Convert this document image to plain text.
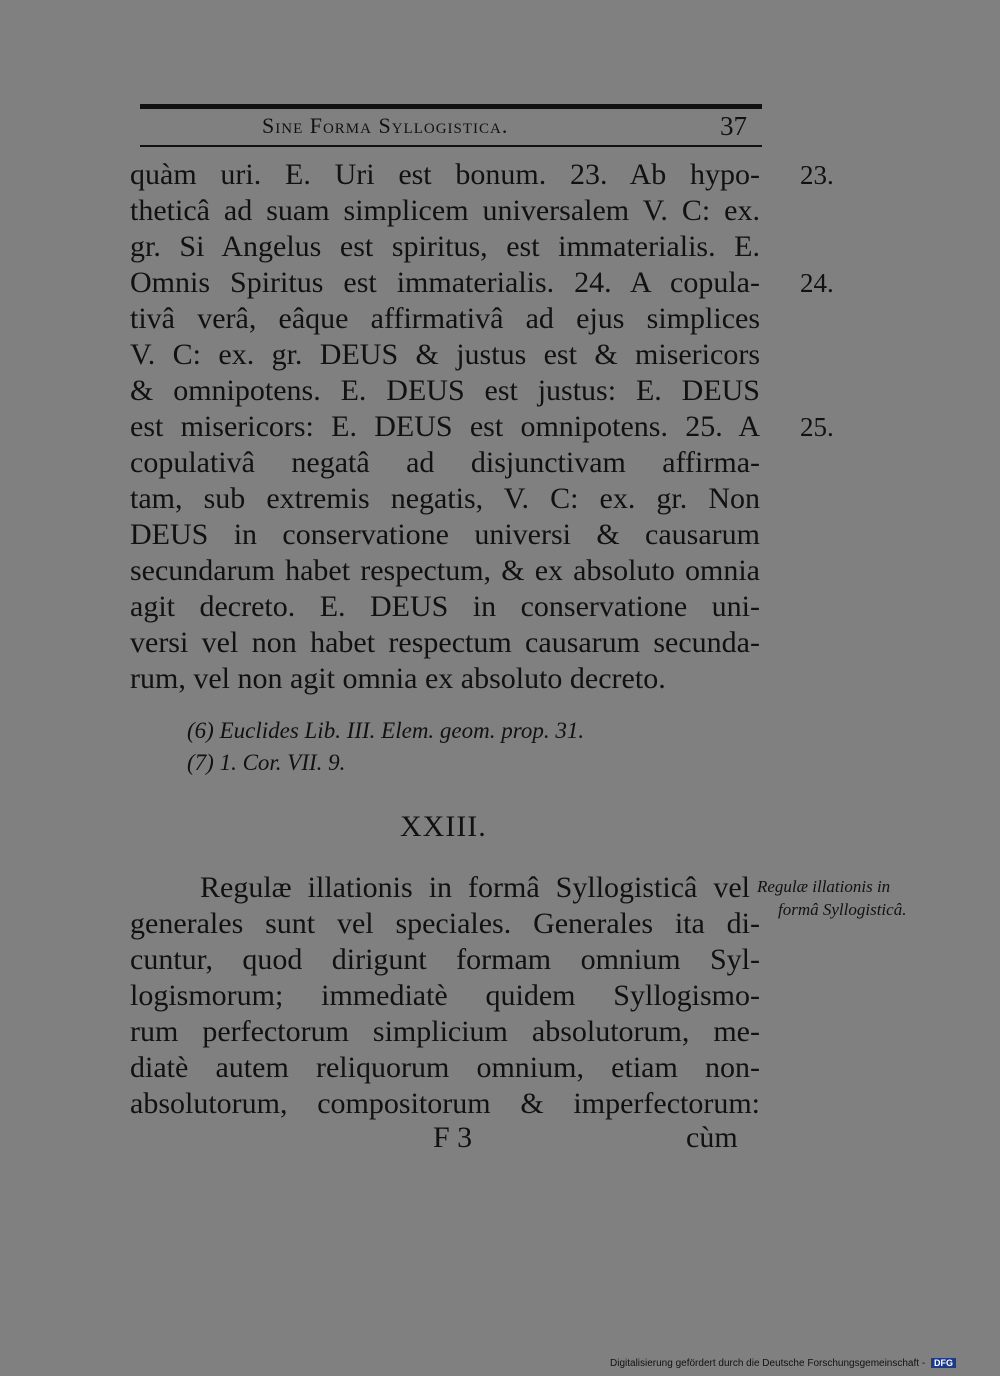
Sine Forma Syllogistica.	37
quàm uri. E. Uri est bonum. 23. Ab hypo-
theticâ ad suam simplicem universalem V. C: ex.
gr. Si Angelus est spiritus, est immaterialis. E.
Omnis Spiritus est immaterialis. 24. A copula-
tivâ verâ, eâque affirmativâ ad ejus simplices
V. C: ex. gr. DEUS & justus est & misericors
& omnipotens. E. DEUS est justus: E. DEUS
est misericors: E. DEUS est omnipotens. 25. A
copulativâ negatâ ad disjunctivam affirma-
tam, sub extremis negatis, V. C: ex. gr. Non
DEUS in conservatione universi & causarum
secundarum habet respectum, & ex absoluto omnia
agit decreto. E. DEUS in conservatione uni-
versi vel non habet respectum causarum secunda-
rum, vel non agit omnia ex absoluto decreto.
23.
24.
25.
(6) Euclides Lib. III. Elem. geom. prop. 31.
(7) 1. Cor. VII. 9.
XXIII.
Regulæ illationis in formâ Syllogisticâ vel
generales sunt vel speciales. Generales ita di-
cuntur, quod dirigunt formam omnium Syl-
logismorum; immediatè quidem Syllogismo-
rum perfectorum simplicium absolutorum, me-
diatè autem reliquorum omnium, etiam non-
absolutorum, compositorum & imperfectorum:
Regulæ illationis in
formâ Syllogisticâ.
F 3	cùm
Digitalisierung gefördert durch die Deutsche Forschungsgemeinschaft - DFG
